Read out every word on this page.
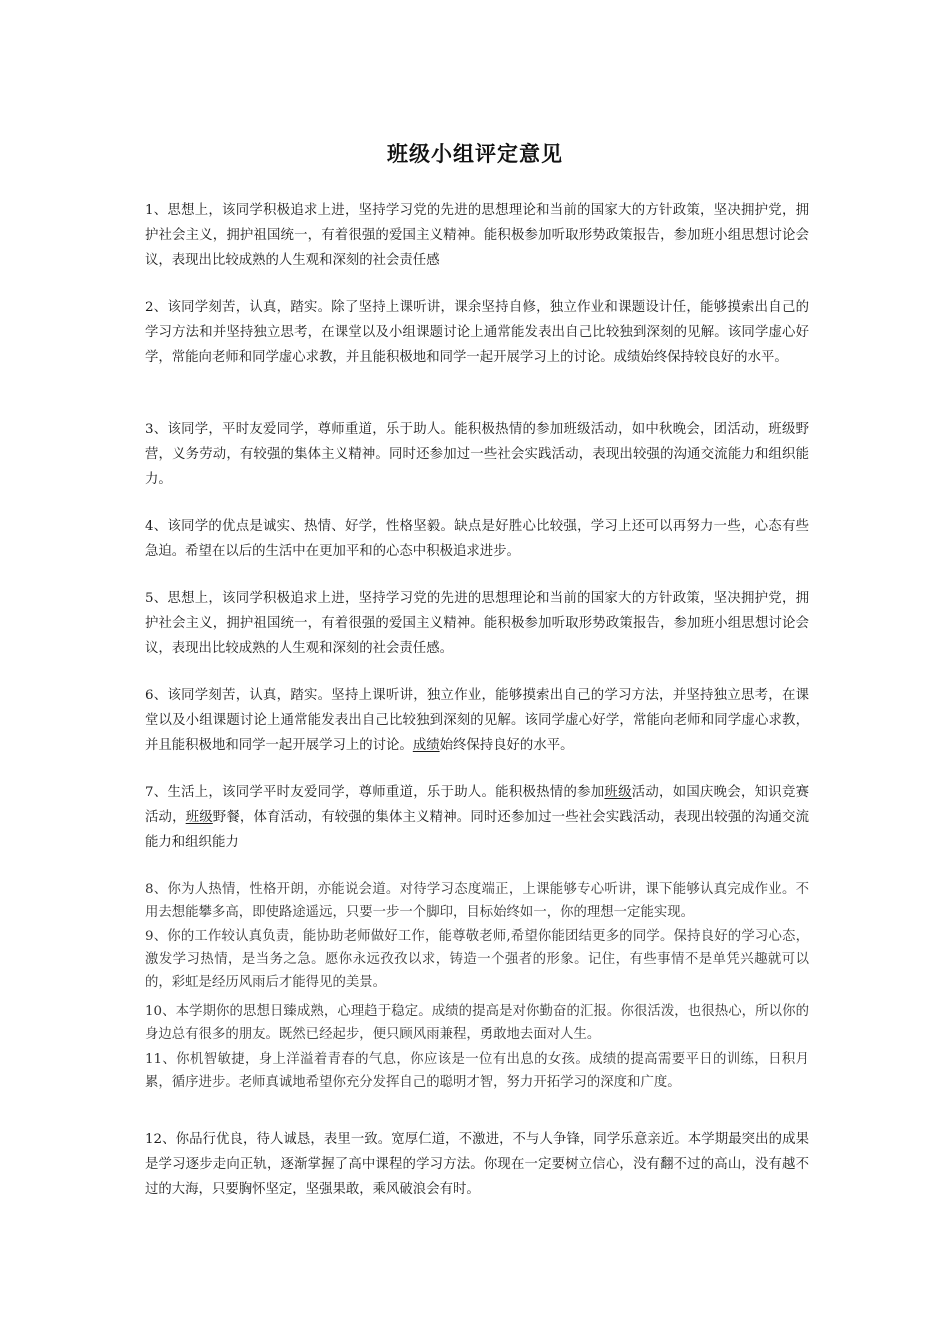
班级小组评定意见
1、思想上，该同学积极追求上进，坚持学习党的先进的思想理论和当前的国家大的方针政策，坚决拥护党，拥护社会主义，拥护祖国统一，有着很强的爱国主义精神。能积极参加听取形势政策报告，参加班小组思想讨论会议，表现出比较成熟的人生观和深刻的社会责任感
2、该同学刻苦，认真，踏实。除了坚持上课听讲，课余坚持自修，独立作业和课题设计任，能够摸索出自己的学习方法和并坚持独立思考，在课堂以及小组课题讨论上通常能发表出自己比较独到深刻的见解。该同学虚心好学，常能向老师和同学虚心求教，并且能积极地和同学一起开展学习上的讨论。成绩始终保持较良好的水平。
3、该同学，平时友爱同学，尊师重道，乐于助人。能积极热情的参加班级活动，如中秋晚会，团活动，班级野营，义务劳动，有较强的集体主义精神。同时还参加过一些社会实践活动，表现出较强的沟通交流能力和组织能力。
4、该同学的优点是诚实、热情、好学，性格坚毅。缺点是好胜心比较强，学习上还可以再努力一些，心态有些急迫。希望在以后的生活中在更加平和的心态中积极追求进步。
5、思想上，该同学积极追求上进，坚持学习党的先进的思想理论和当前的国家大的方针政策，坚决拥护党，拥护社会主义，拥护祖国统一，有着很强的爱国主义精神。能积极参加听取形势政策报告，参加班小组思想讨论会议，表现出比较成熟的人生观和深刻的社会责任感。
6、该同学刻苦，认真，踏实。坚持上课听讲，独立作业，能够摸索出自己的学习方法，并坚持独立思考，在课堂以及小组课题讨论上通常能发表出自己比较独到深刻的见解。该同学虚心好学，常能向老师和同学虚心求教，并且能积极地和同学一起开展学习上的讨论。成绩始终保持良好的水平。
7、生活上，该同学平时友爱同学，尊师重道，乐于助人。能积极热情的参加班级活动，如国庆晚会，知识竞赛活动，班级野餐，体育活动，有较强的集体主义精神。同时还参加过一些社会实践活动，表现出较强的沟通交流能力和组织能力
8、你为人热情，性格开朗，亦能说会道。对待学习态度端正，上课能够专心听讲，课下能够认真完成作业。不用去想能攀多高，即使路途遥远，只要一步一个脚印，目标始终如一，你的理想一定能实现。
9、你的工作较认真负责，能协助老师做好工作，能尊敬老师,希望你能团结更多的同学。保持良好的学习心态，激发学习热情，是当务之急。愿你永远孜孜以求，铸造一个强者的形象。记住，有些事情不是单凭兴趣就可以的，彩虹是经历风雨后才能得见的美景。
10、本学期你的思想日臻成熟，心理趋于稳定。成绩的提高是对你勤奋的汇报。你很活泼，也很热心，所以你的身边总有很多的朋友。既然已经起步，便只顾风雨兼程，勇敢地去面对人生。
11、你机智敏捷，身上洋溢着青春的气息，你应该是一位有出息的女孩。成绩的提高需要平日的训练，日积月累，循序进步。老师真诚地希望你充分发挥自己的聪明才智，努力开拓学习的深度和广度。
12、你品行优良，待人诚恳，表里一致。宽厚仁道，不激进，不与人争锋，同学乐意亲近。本学期最突出的成果是学习逐步走向正轨，逐渐掌握了高中课程的学习方法。你现在一定要树立信心，没有翻不过的高山，没有越不过的大海，只要胸怀坚定，坚强果敢，乘风破浪会有时。
